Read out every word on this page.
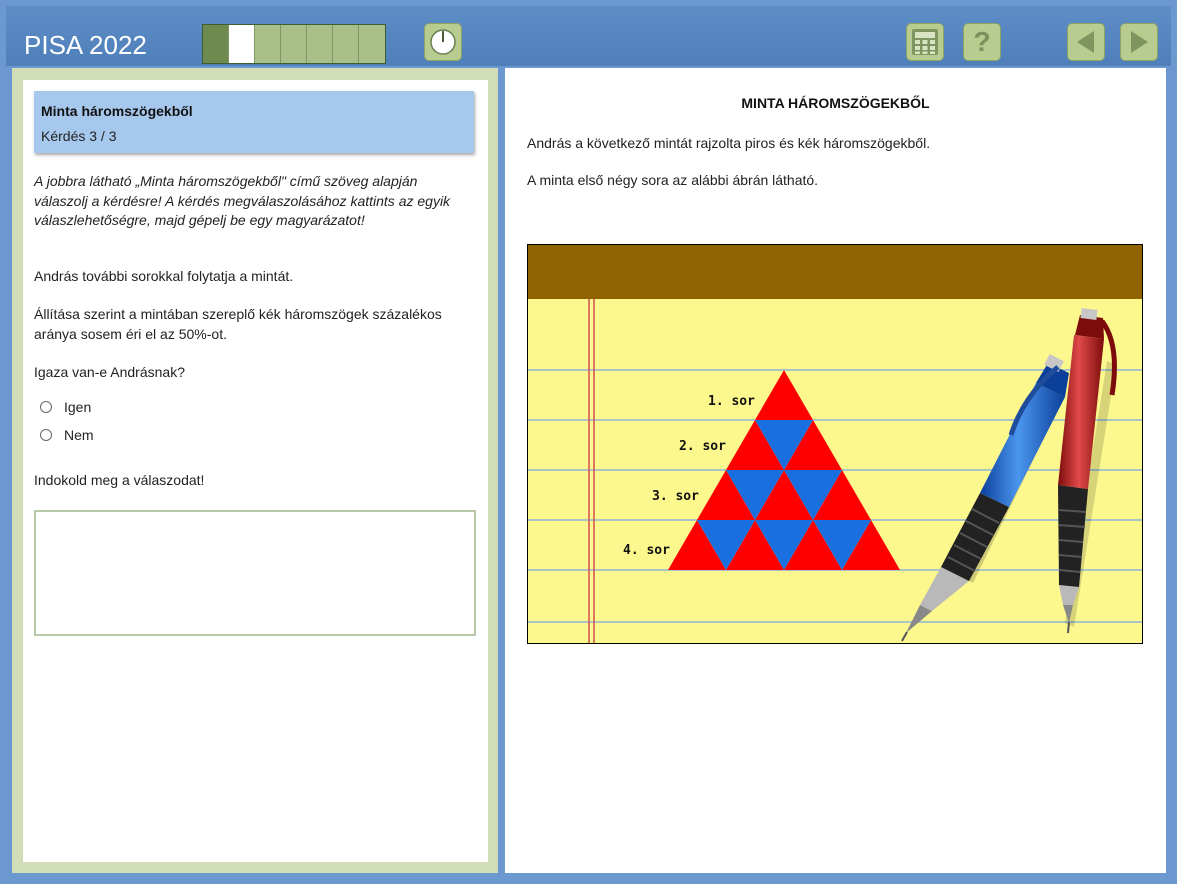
PISA 2022	?
Minta háromszögekből
Kérdés 3 / 3
A jobbra látható „Minta háromszögekből" című szöveg alapján válaszolj a kérdésre! A kérdés megválaszolásához kattints az egyik válaszlehetőségre, majd gépelj be egy magyarázatot!
András további sorokkal folytatja a mintát.
Állítása szerint a mintában szereplő kék háromszögek százalékos aránya sosem éri el az 50%-ot.
Igaza van-e Andrásnak?
Igen
Nem
Indokold meg a válaszodat!
MINTA HÁROMSZÖGEKBŐL
András a következő mintát rajzolta piros és kék háromszögekből.
A minta első négy sora az alábbi ábrán látható.
1. sor
2. sor
3. sor
4. sor
